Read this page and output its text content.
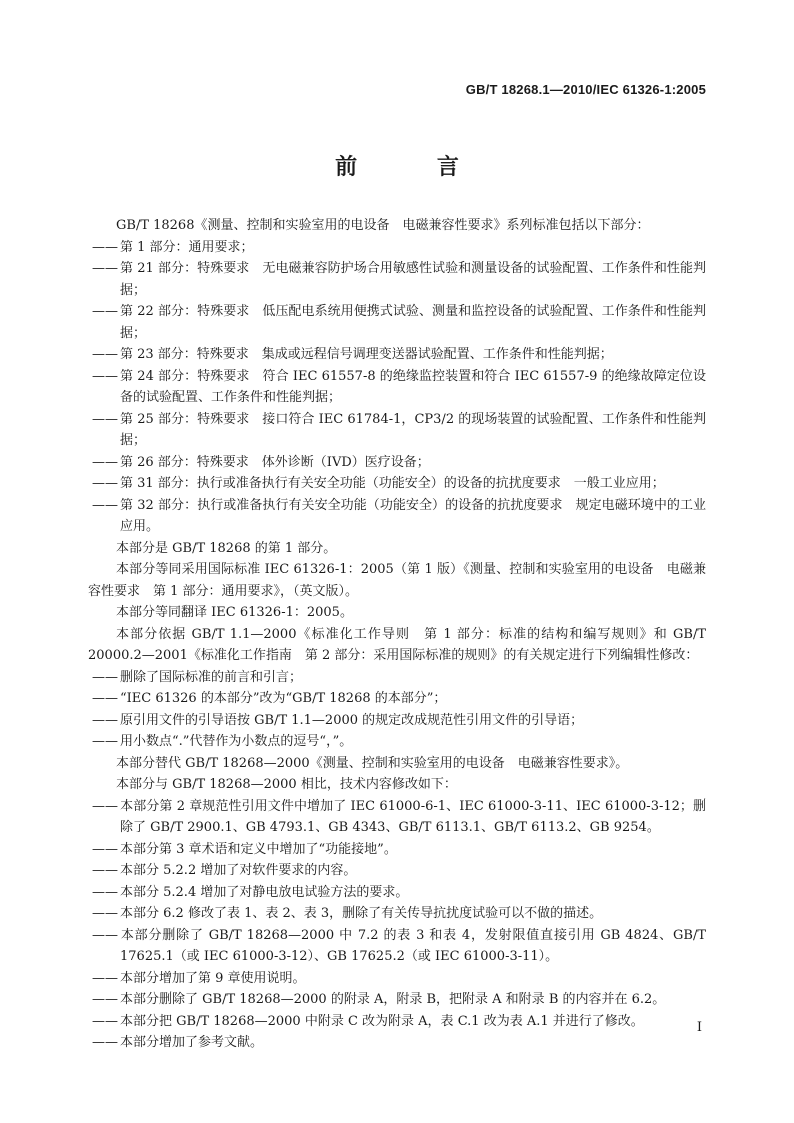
GB/T 18268.1—2010/IEC 61326-1:2005
前 言
GB/T 18268《测量、控制和实验室用的电设备　电磁兼容性要求》系列标准包括以下部分：
—— 第 1 部分：通用要求；
—— 第 21 部分：特殊要求　无电磁兼容防护场合用敏感性试验和测量设备的试验配置、工作条件和性能判据；
—— 第 22 部分：特殊要求　低压配电系统用便携式试验、测量和监控设备的试验配置、工作条件和性能判据；
—— 第 23 部分：特殊要求　集成或远程信号调理变送器试验配置、工作条件和性能判据；
—— 第 24 部分：特殊要求　符合 IEC 61557-8 的绝缘监控装置和符合 IEC 61557-9 的绝缘故障定位设备的试验配置、工作条件和性能判据；
—— 第 25 部分：特殊要求　接口符合 IEC 61784-1，CP3/2 的现场装置的试验配置、工作条件和性能判据；
—— 第 26 部分：特殊要求　体外诊断（IVD）医疗设备；
—— 第 31 部分：执行或准备执行有关安全功能（功能安全）的设备的抗扰度要求　一般工业应用；
—— 第 32 部分：执行或准备执行有关安全功能（功能安全）的设备的抗扰度要求　规定电磁环境中的工业应用。
本部分是 GB/T 18268 的第 1 部分。
本部分等同采用国际标准 IEC 61326-1：2005（第 1 版）《测量、控制和实验室用的电设备　电磁兼容性要求　第 1 部分：通用要求》，（英文版）。
本部分等同翻译 IEC 61326-1：2005。
本部分依据 GB/T 1.1—2000《标准化工作导则　第 1 部分：标准的结构和编写规则》和 GB/T 20000.2—2001《标准化工作指南　第 2 部分：采用国际标准的规则》的有关规定进行下列编辑性修改：
—— 删除了国际标准的前言和引言；
—— “IEC 61326 的本部分”改为“GB/T 18268 的本部分”；
—— 原引用文件的引导语按 GB/T 1.1—2000 的规定改成规范性引用文件的引导语；
—— 用小数点“.”代替作为小数点的逗号“，”。
本部分替代 GB/T 18268—2000《测量、控制和实验室用的电设备　电磁兼容性要求》。
本部分与 GB/T 18268—2000 相比，技术内容修改如下：
—— 本部分第 2 章规范性引用文件中增加了 IEC 61000-6-1、IEC 61000-3-11、IEC 61000-3-12；删除了 GB/T 2900.1、GB 4793.1、GB 4343、GB/T 6113.1、GB/T 6113.2、GB 9254。
—— 本部分第 3 章术语和定义中增加了“功能接地”。
—— 本部分 5.2.2 增加了对软件要求的内容。
—— 本部分 5.2.4 增加了对静电放电试验方法的要求。
—— 本部分 6.2 修改了表 1、表 2、表 3，删除了有关传导抗扰度试验可以不做的描述。
—— 本部分删除了 GB/T 18268—2000 中 7.2 的表 3 和表 4，发射限值直接引用 GB 4824、GB/T 17625.1（或 IEC 61000-3-12）、GB 17625.2（或 IEC 61000-3-11）。
—— 本部分增加了第 9 章使用说明。
—— 本部分删除了 GB/T 18268—2000 的附录 A，附录 B，把附录 A 和附录 B 的内容并在 6.2。
—— 本部分把 GB/T 18268—2000 中附录 C 改为附录 A，表 C.1 改为表 A.1 并进行了修改。
—— 本部分增加了参考文献。
I
